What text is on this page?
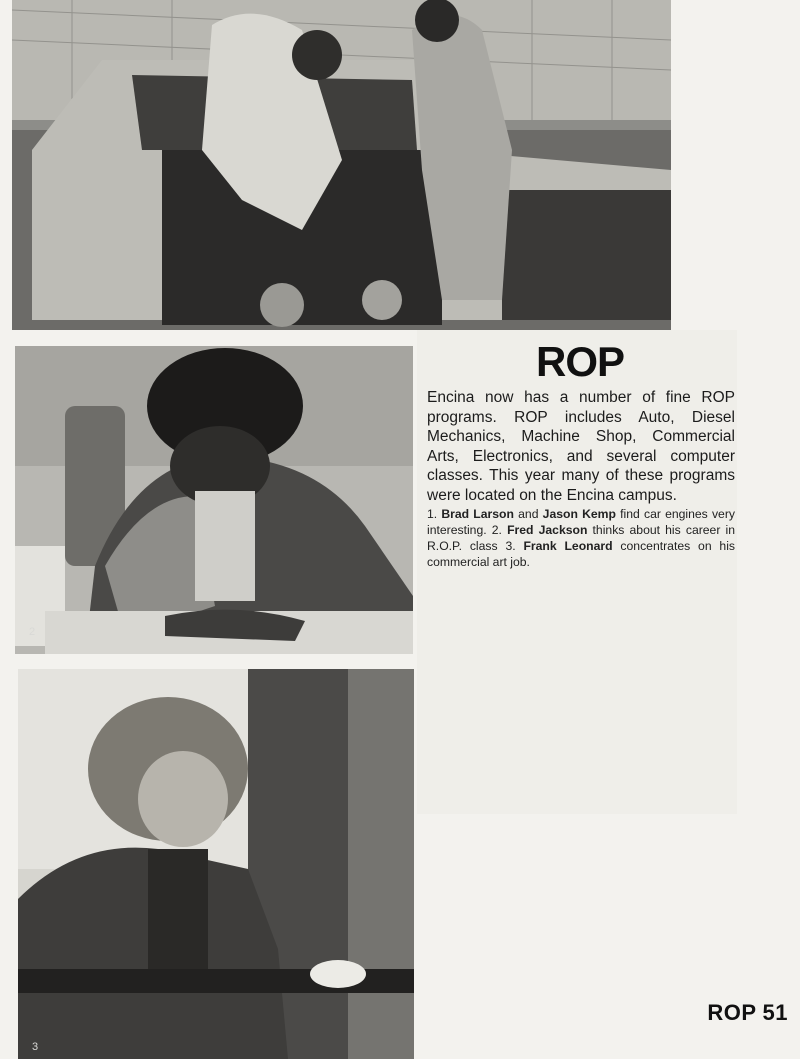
2
3
ROP

Encina now has a number of fine ROP programs. ROP includes Auto, Diesel Mechanics, Machine Shop, Commercial Arts, Electronics, and several computer classes. This year many of these programs were located on the Encina campus.

1. Brad Larson and Jason Kemp find car engines very interesting. 2. Fred Jackson thinks about his career in R.O.P. class 3. Frank Leonard concentrates on his commercial art job.

ROP 51
